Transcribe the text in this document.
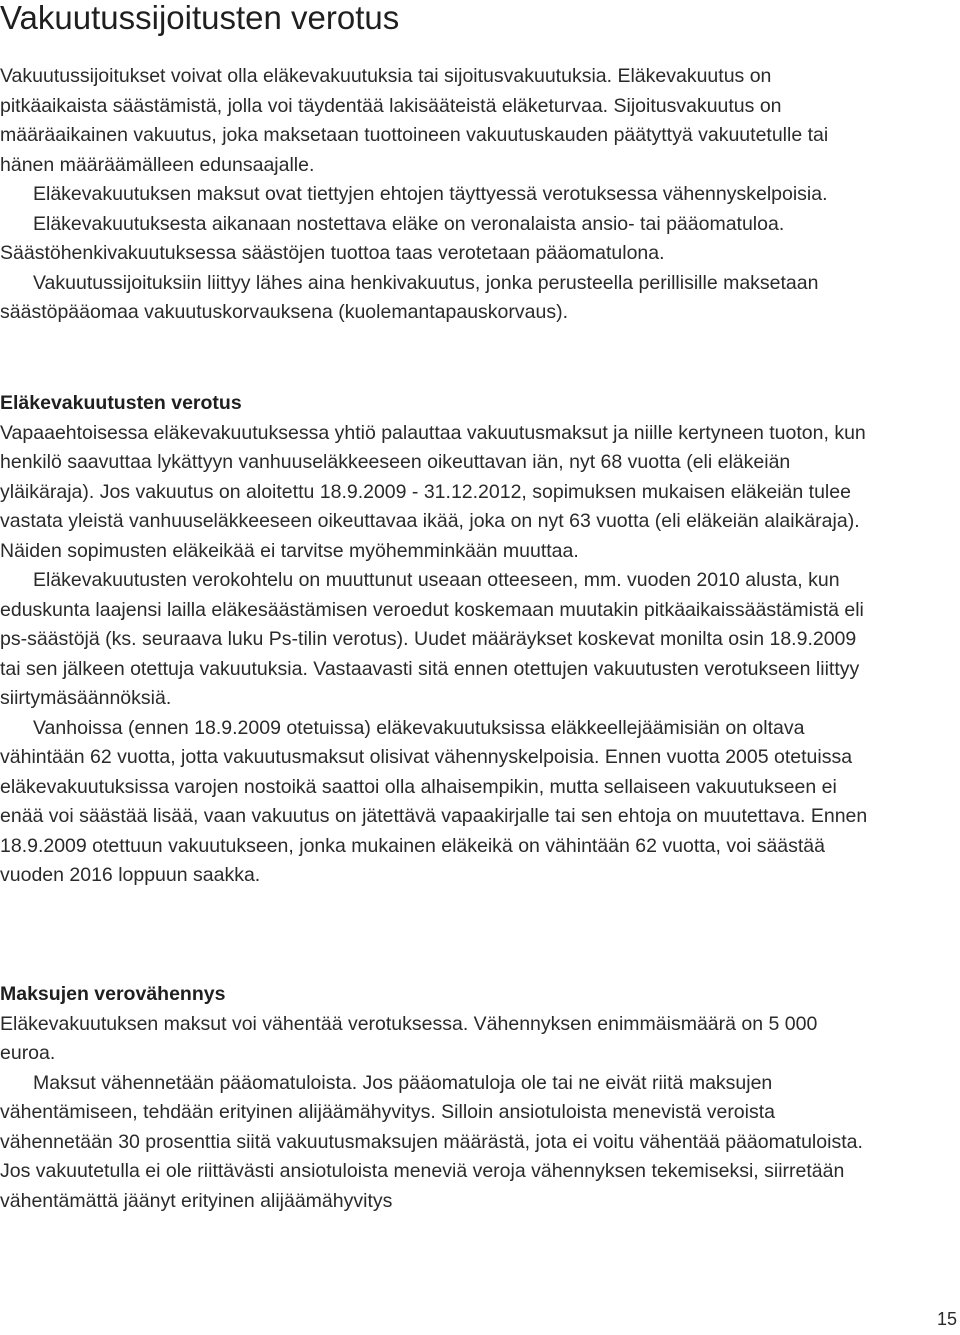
Vakuutussijoitusten verotus

Vakuutussijoitukset voivat olla eläkevakuutuksia tai sijoitusvakuutuksia. Eläkevakuutus on pitkäaikaista säästämistä, jolla voi täydentää lakisääteistä eläketurvaa. Sijoitusvakuutus on määräaikainen vakuutus, joka maksetaan tuottoineen vakuutuskauden päätyttyä vakuutetulle tai hänen määräämälleen edunsaajalle.

Eläkevakuutuksen maksut ovat tiettyjen ehtojen täyttyessä verotuksessa vähennyskelpoisia.

Eläkevakuutuksesta aikanaan nostettava eläke on veronalaista ansio- tai pääomatuloa. Säästöhenkivakuutuksessa säästöjen tuottoa taas verotetaan pääomatulona.

Vakuutussijoituksiin liittyy lähes aina henkivakuutus, jonka perusteella perillisille maksetaan säästöpääomaa vakuutuskorvauksena (kuolemantapauskorvaus).

Eläkevakuutusten verotus

Vapaaehtoisessa eläkevakuutuksessa yhtiö palauttaa vakuutusmaksut ja niille kertyneen tuoton, kun henkilö saavuttaa lykättyyn vanhuuseläkkeeseen oikeuttavan iän, nyt 68 vuotta (eli eläkeiän yläikäraja). Jos vakuutus on aloitettu 18.9.2009 - 31.12.2012, sopimuksen mukaisen eläkeiän tulee vastata yleistä vanhuuseläkkeeseen oikeuttavaa ikää, joka on nyt 63 vuotta (eli eläkeiän alaikäraja). Näiden sopimusten eläkeikää ei tarvitse myöhemminkään muuttaa.

Eläkevakuutusten verokohtelu on muuttunut useaan otteeseen, mm. vuoden 2010 alusta, kun eduskunta laajensi lailla eläkesäästämisen veroedut koskemaan muutakin pitkäaikaissäästämistä eli ps-säästöjä (ks. seuraava luku Ps-tilin verotus). Uudet määräykset koskevat monilta osin 18.9.2009 tai sen jälkeen otettuja vakuutuksia. Vastaavasti sitä ennen otettujen vakuutusten verotukseen liittyy siirtymäsäännöksiä.

Vanhoissa (ennen 18.9.2009 otetuissa) eläkevakuutuksissa eläkkeellejäämisiän on oltava vähintään 62 vuotta, jotta vakuutusmaksut olisivat vähennyskelpoisia. Ennen vuotta 2005 otetuissa eläkevakuutuksissa varojen nostoikä saattoi olla alhaisempikin, mutta sellaiseen vakuutukseen ei enää voi säästää lisää, vaan vakuutus on jätettävä vapaakirjalle tai sen ehtoja on muutettava. Ennen 18.9.2009 otettuun vakuutukseen, jonka mukainen eläkeikä on vähintään 62 vuotta, voi säästää vuoden 2016 loppuun saakka.

Maksujen verovähennys

Eläkevakuutuksen maksut voi vähentää verotuksessa. Vähennyksen enimmäismäärä on 5 000 euroa.

Maksut vähennetään pääomatuloista. Jos pääomatuloja ole tai ne eivät riitä maksujen vähentämiseen, tehdään erityinen alijäämähyvitys. Silloin ansiotuloista menevistä veroista vähennetään 30 prosenttia siitä vakuutusmaksujen määrästä, jota ei voitu vähentää pääomatuloista. Jos vakuutetulla ei ole riittävästi ansiotuloista meneviä veroja vähennyksen tekemiseksi, siirretään vähentämättä jäänyt erityinen alijäämähyvitys

15
